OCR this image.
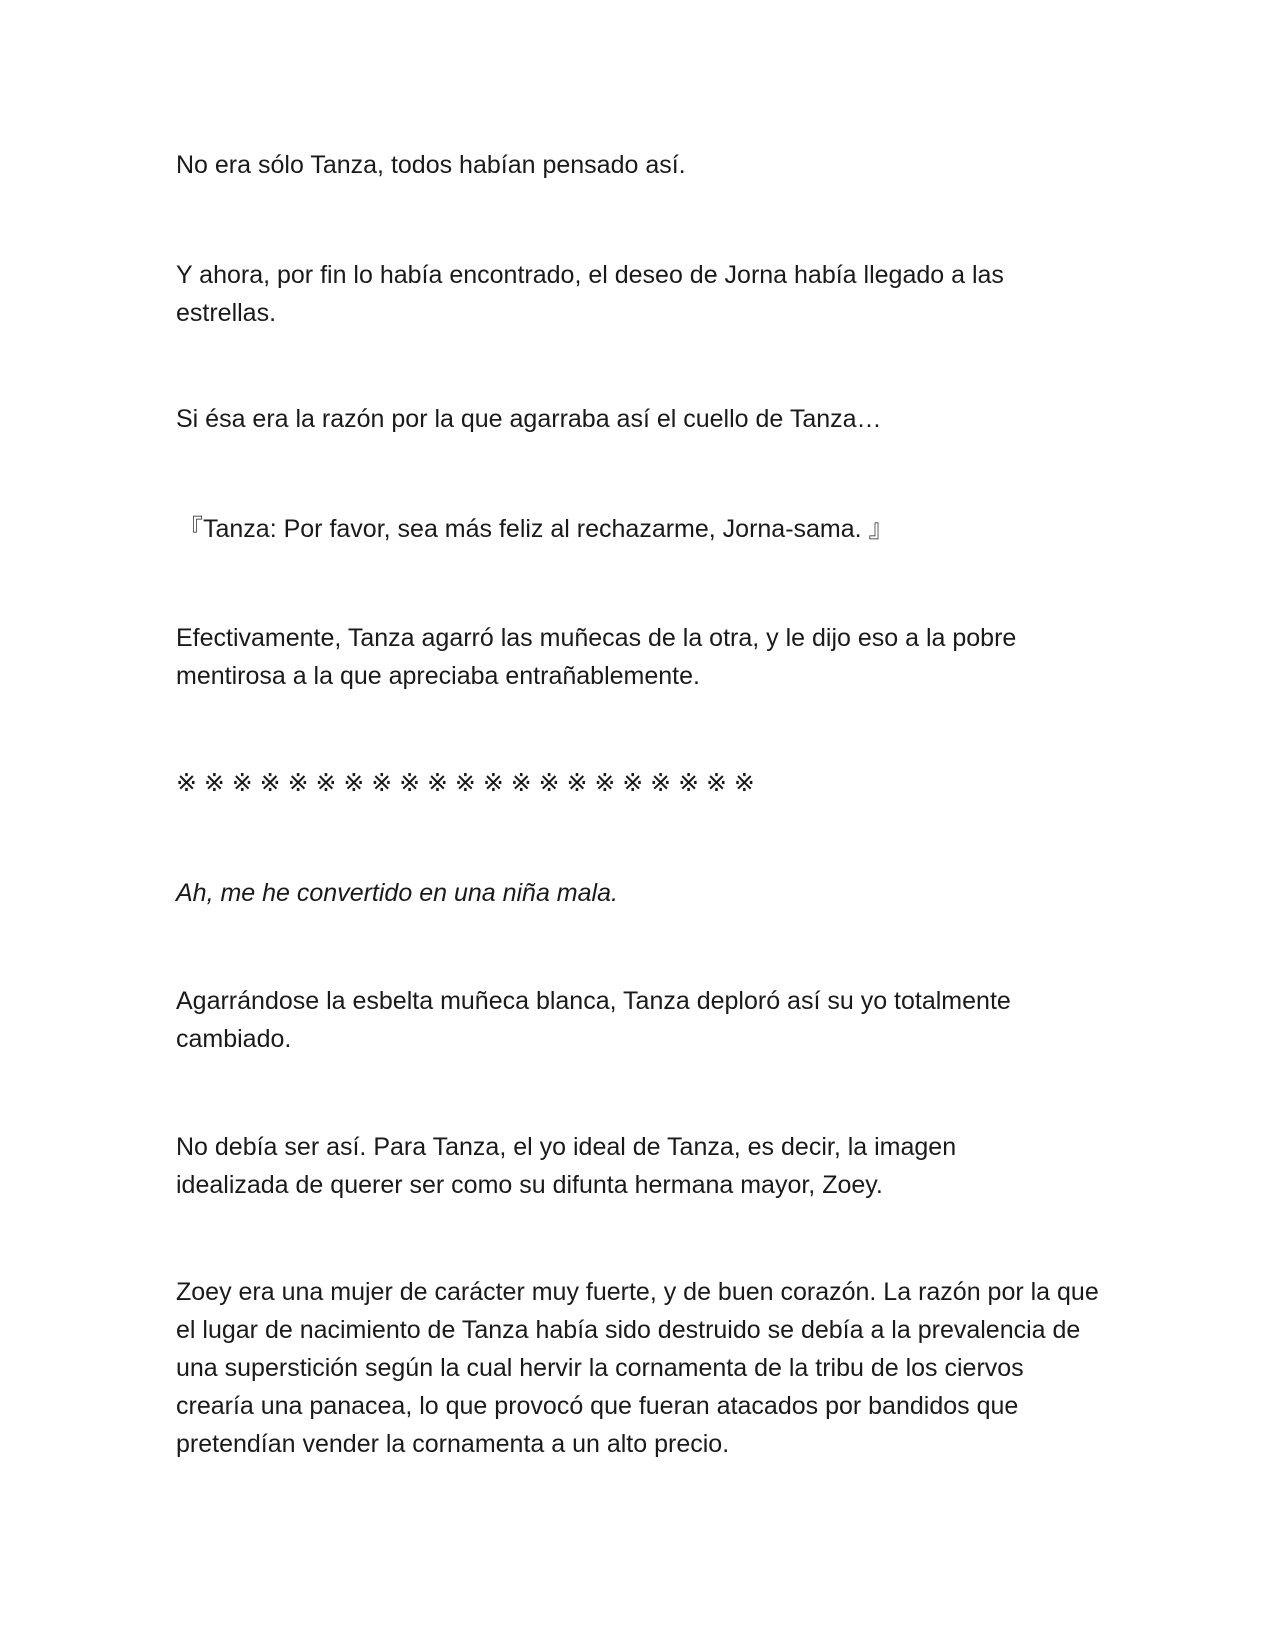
No era sólo Tanza, todos habían pensado así.

Y ahora, por fin lo había encontrado, el deseo de Jorna había llegado a las estrellas.

Si ésa era la razón por la que agarraba así el cuello de Tanza…

『Tanza: Por favor, sea más feliz al rechazarme, Jorna-sama. 』

Efectivamente, Tanza agarró las muñecas de la otra, y le dijo eso a la pobre mentirosa a la que apreciaba entrañablemente.

※ ※ ※ ※ ※ ※ ※ ※ ※ ※ ※ ※ ※ ※ ※ ※ ※ ※ ※ ※ ※

Ah, me he convertido en una niña mala.

Agarrándose la esbelta muñeca blanca, Tanza deploró así su yo totalmente cambiado.

No debía ser así. Para Tanza, el yo ideal de Tanza, es decir, la imagen idealizada de querer ser como su difunta hermana mayor, Zoey.

Zoey era una mujer de carácter muy fuerte, y de buen corazón. La razón por la que el lugar de nacimiento de Tanza había sido destruido se debía a la prevalencia de una superstición según la cual hervir la cornamenta de la tribu de los ciervos crearía una panacea, lo que provocó que fueran atacados por bandidos que pretendían vender la cornamenta a un alto precio.
